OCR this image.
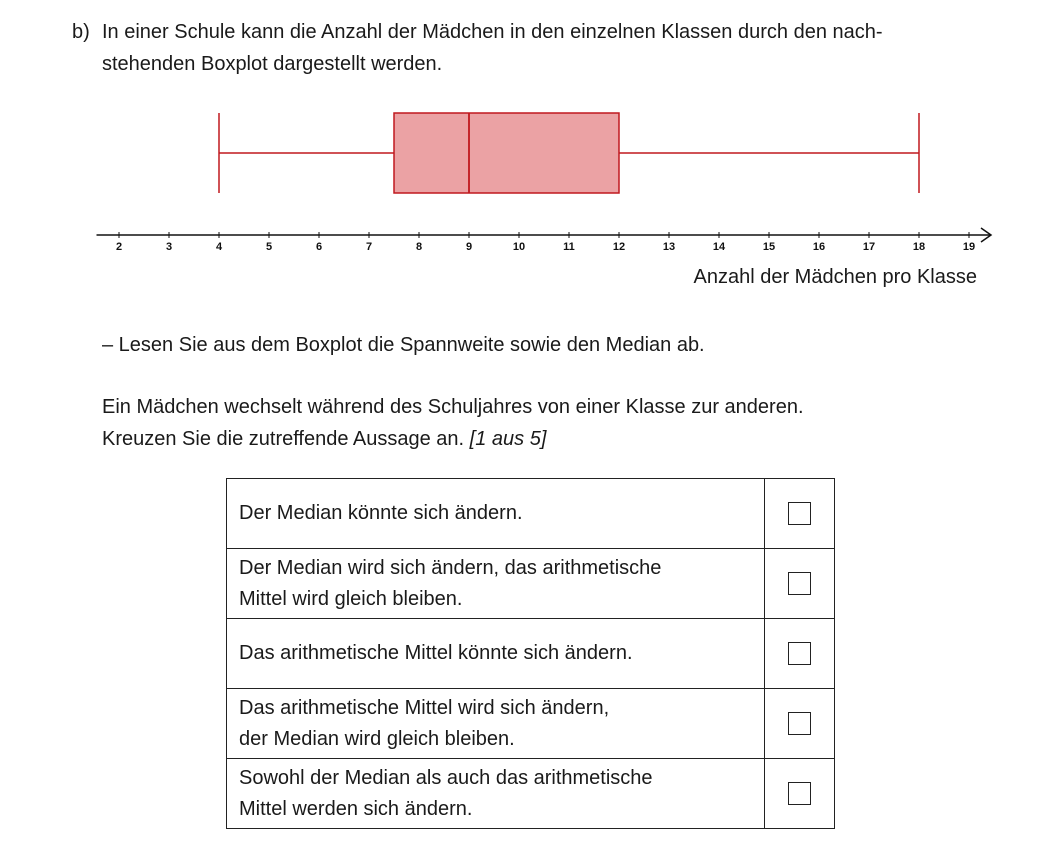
b) In einer Schule kann die Anzahl der Mädchen in den einzelnen Klassen durch den nach-
stehenden Boxplot dargestellt werden.
2	3	4	5	6	7	8	9	10	11	12	13	14	15	16	17	18	19
Anzahl der Mädchen pro Klasse
– Lesen Sie aus dem Boxplot die Spannweite sowie den Median ab.
Ein Mädchen wechselt während des Schuljahres von einer Klasse zur anderen.
Kreuzen Sie die zutreffende Aussage an. [1 aus 5]
Der Median könnte sich ändern.	
Der Median wird sich ändern, das arithmetische
Mittel wird gleich bleiben.	
Das arithmetische Mittel könnte sich ändern.	
Das arithmetische Mittel wird sich ändern,
der Median wird gleich bleiben.	
Sowohl der Median als auch das arithmetische
Mittel werden sich ändern.	
